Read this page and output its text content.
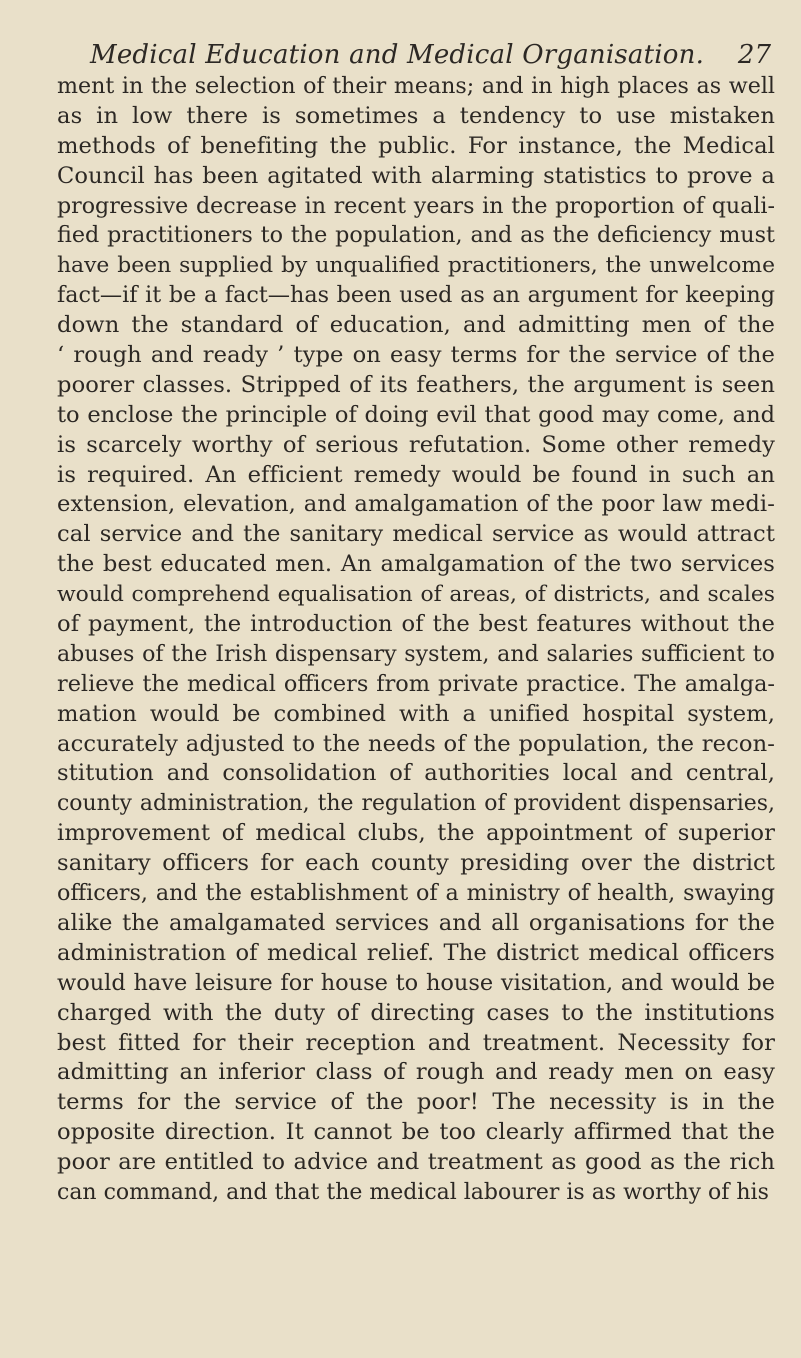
Medical Education and Medical Organisation. 27
ment in the selection of their means; and in high places as well
as in low there is sometimes a tendency to use mistaken
methods of benefiting the public. For instance, the Medical
Council has been agitated with alarming statistics to prove a
progressive decrease in recent years in the proportion of quali-
fied practitioners to the population, and as the deficiency must
have been supplied by unqualified practitioners, the unwelcome
fact—if it be a fact—has been used as an argument for keeping
down the standard of education, and admitting men of the
‘ rough and ready ’ type on easy terms for the service of the
poorer classes. Stripped of its feathers, the argument is seen
to enclose the principle of doing evil that good may come, and
is scarcely worthy of serious refutation. Some other remedy
is required. An efficient remedy would be found in such an
extension, elevation, and amalgamation of the poor law medi-
cal service and the sanitary medical service as would attract
the best educated men. An amalgamation of the two services
would comprehend equalisation of areas, of districts, and scales
of payment, the introduction of the best features without the
abuses of the Irish dispensary system, and salaries sufficient to
relieve the medical officers from private practice. The amalga-
mation would be combined with a unified hospital system,
accurately adjusted to the needs of the population, the recon-
stitution and consolidation of authorities local and central,
county administration, the regulation of provident dispensaries,
improvement of medical clubs, the appointment of superior
sanitary officers for each county presiding over the district
officers, and the establishment of a ministry of health, swaying
alike the amalgamated services and all organisations for the
administration of medical relief. The district medical officers
would have leisure for house to house visitation, and would be
charged with the duty of directing cases to the institutions
best fitted for their reception and treatment. Necessity for
admitting an inferior class of rough and ready men on easy
terms for the service of the poor! The necessity is in the
opposite direction. It cannot be too clearly affirmed that the
poor are entitled to advice and treatment as good as the rich
can command, and that the medical labourer is as worthy of his
